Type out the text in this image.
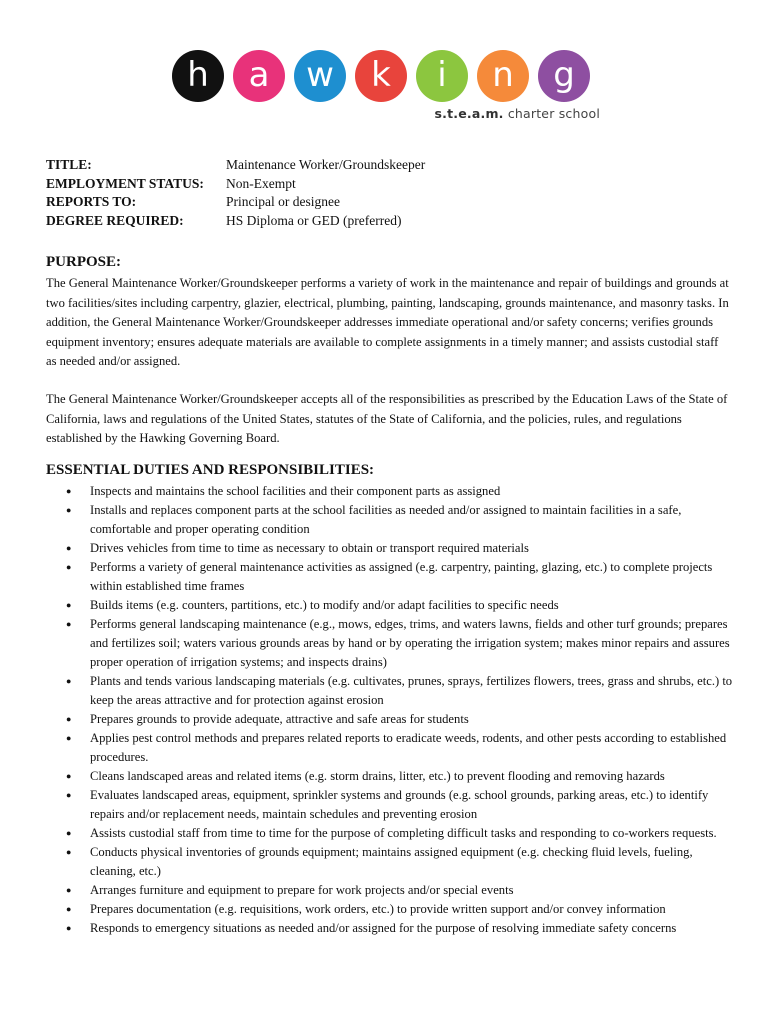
h	a	w	k	i	n	g
s.t.e.a.m. charter school
TITLE:	Maintenance Worker/Groundskeeper
EMPLOYMENT STATUS:	Non-Exempt
REPORTS TO:	Principal or designee
DEGREE REQUIRED:	HS Diploma or GED (preferred)
PURPOSE:
The General Maintenance Worker/Groundskeeper performs a variety of work in the maintenance and repair of buildings and grounds at two facilities/sites including carpentry, glazier, electrical, plumbing, painting, landscaping, grounds maintenance, and masonry tasks. In addition, the General Maintenance Worker/Groundskeeper addresses immediate operational and/or safety concerns; verifies grounds equipment inventory; ensures adequate materials are available to complete assignments in a timely manner; and assists custodial staff as needed and/or assigned.
The General Maintenance Worker/Groundskeeper accepts all of the responsibilities as prescribed by the Education Laws of the State of California, laws and regulations of the United States, statutes of the State of California, and the policies, rules, and regulations established by the Hawking Governing Board.
ESSENTIAL DUTIES AND RESPONSIBILITIES:
● Inspects and maintains the school facilities and their component parts as assigned
● Installs and replaces component parts at the school facilities as needed and/or assigned to maintain facilities in a safe, comfortable and proper operating condition
● Drives vehicles from time to time as necessary to obtain or transport required materials
● Performs a variety of general maintenance activities as assigned (e.g. carpentry, painting, glazing, etc.) to complete projects within established time frames
● Builds items (e.g. counters, partitions, etc.) to modify and/or adapt facilities to specific needs
● Performs general landscaping maintenance (e.g., mows, edges, trims, and waters lawns, fields and other turf grounds; prepares and fertilizes soil; waters various grounds areas by hand or by operating the irrigation system; makes minor repairs and assures proper operation of irrigation systems; and inspects drains)
● Plants and tends various landscaping materials (e.g. cultivates, prunes, sprays, fertilizes flowers, trees, grass and shrubs, etc.) to keep the areas attractive and for protection against erosion
● Prepares grounds to provide adequate, attractive and safe areas for students
● Applies pest control methods and prepares related reports to eradicate weeds, rodents, and other pests according to established procedures.
● Cleans landscaped areas and related items (e.g. storm drains, litter, etc.) to prevent flooding and removing hazards
● Evaluates landscaped areas, equipment, sprinkler systems and grounds (e.g. school grounds, parking areas, etc.) to identify repairs and/or replacement needs, maintain schedules and preventing erosion
● Assists custodial staff from time to time for the purpose of completing difficult tasks and responding to co-workers requests.
● Conducts physical inventories of grounds equipment; maintains assigned equipment (e.g. checking fluid levels, fueling, cleaning, etc.)
● Arranges furniture and equipment to prepare for work projects and/or special events
● Prepares documentation (e.g. requisitions, work orders, etc.) to provide written support and/or convey information
● Responds to emergency situations as needed and/or assigned for the purpose of resolving immediate safety concerns
